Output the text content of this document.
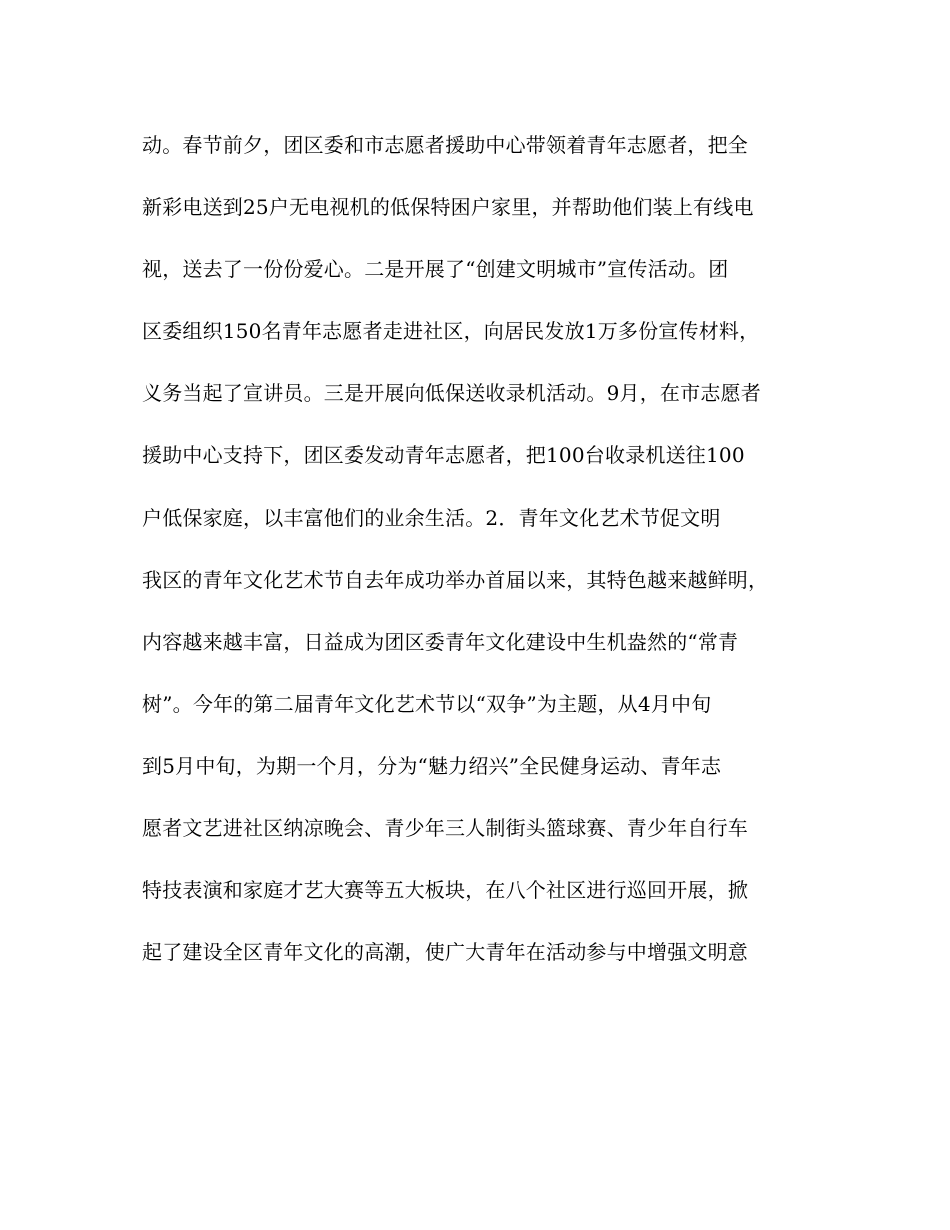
动。春节前夕，团区委和市志愿者援助中心带领着青年志愿者，把全
新彩电送到25户无电视机的低保特困户家里，并帮助他们装上有线电
视，送去了一份份爱心。二是开展了“创建文明城市”宣传活动。团
区委组织150名青年志愿者走进社区，向居民发放1万多份宣传材料，
义务当起了宣讲员。三是开展向低保送收录机活动。9月，在市志愿者
援助中心支持下，团区委发动青年志愿者，把100台收录机送往100
户低保家庭，以丰富他们的业余生活。2．青年文化艺术节促文明
我区的青年文化艺术节自去年成功举办首届以来，其特色越来越鲜明，
内容越来越丰富，日益成为团区委青年文化建设中生机盎然的“常青
树”。今年的第二届青年文化艺术节以“双争”为主题，从4月中旬
到5月中旬，为期一个月，分为“魅力绍兴”全民健身运动、青年志
愿者文艺进社区纳凉晚会、青少年三人制街头篮球赛、青少年自行车
特技表演和家庭才艺大赛等五大板块，在八个社区进行巡回开展，掀
起了建设全区青年文化的高潮，使广大青年在活动参与中增强文明意
